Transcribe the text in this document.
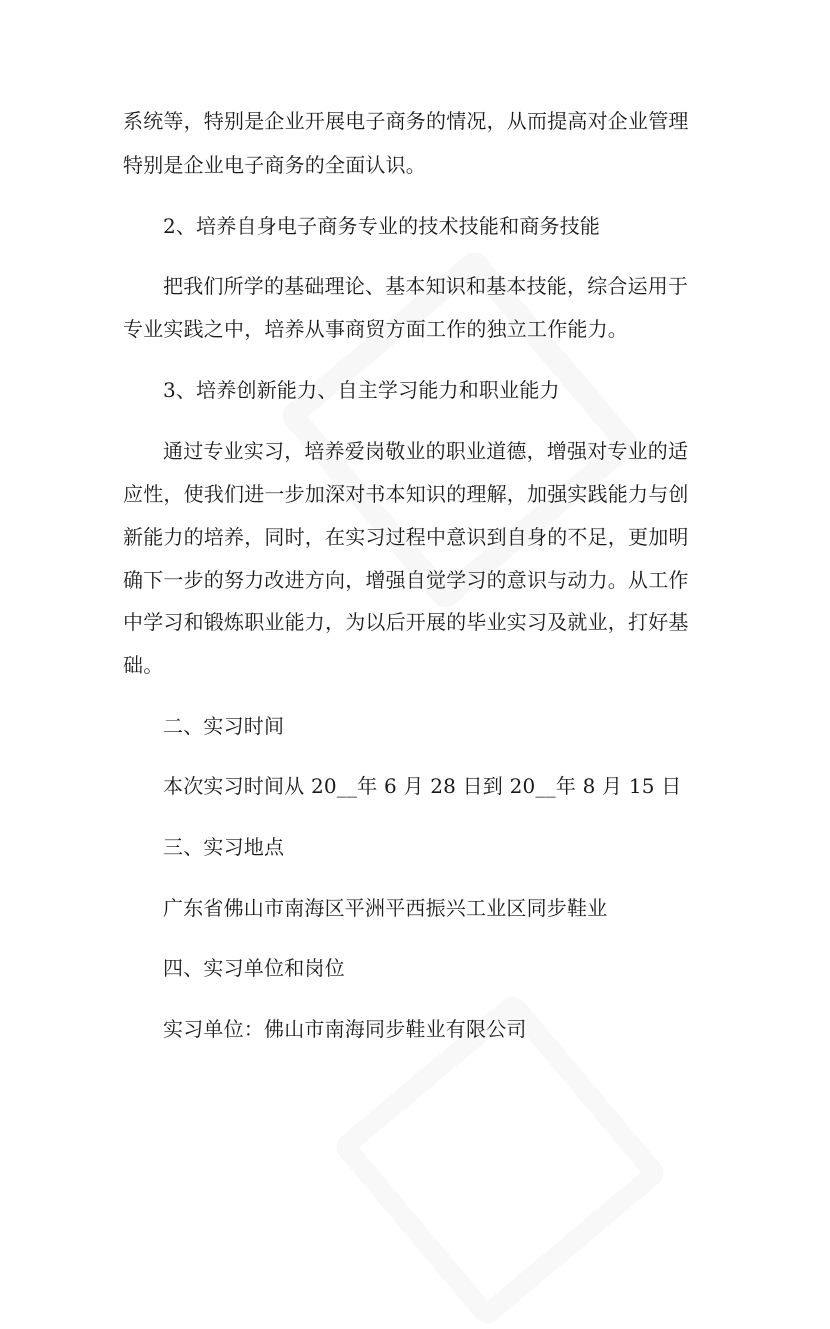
系统等，特别是企业开展电子商务的情况，从而提高对企业管理
特别是企业电子商务的全面认识。
2、培养自身电子商务专业的技术技能和商务技能
把我们所学的基础理论、基本知识和基本技能，综合运用于
专业实践之中，培养从事商贸方面工作的独立工作能力。
3、培养创新能力、自主学习能力和职业能力
通过专业实习，培养爱岗敬业的职业道德，增强对专业的适
应性，使我们进一步加深对书本知识的理解，加强实践能力与创
新能力的培养，同时，在实习过程中意识到自身的不足，更加明
确下一步的努力改进方向，增强自觉学习的意识与动力。从工作
中学习和锻炼职业能力，为以后开展的毕业实习及就业，打好基
础。
二、实习时间
本次实习时间从 20__年 6 月 28 日到 20__年 8 月 15 日
三、实习地点
广东省佛山市南海区平洲平西振兴工业区同步鞋业
四、实习单位和岗位
实习单位：佛山市南海同步鞋业有限公司
